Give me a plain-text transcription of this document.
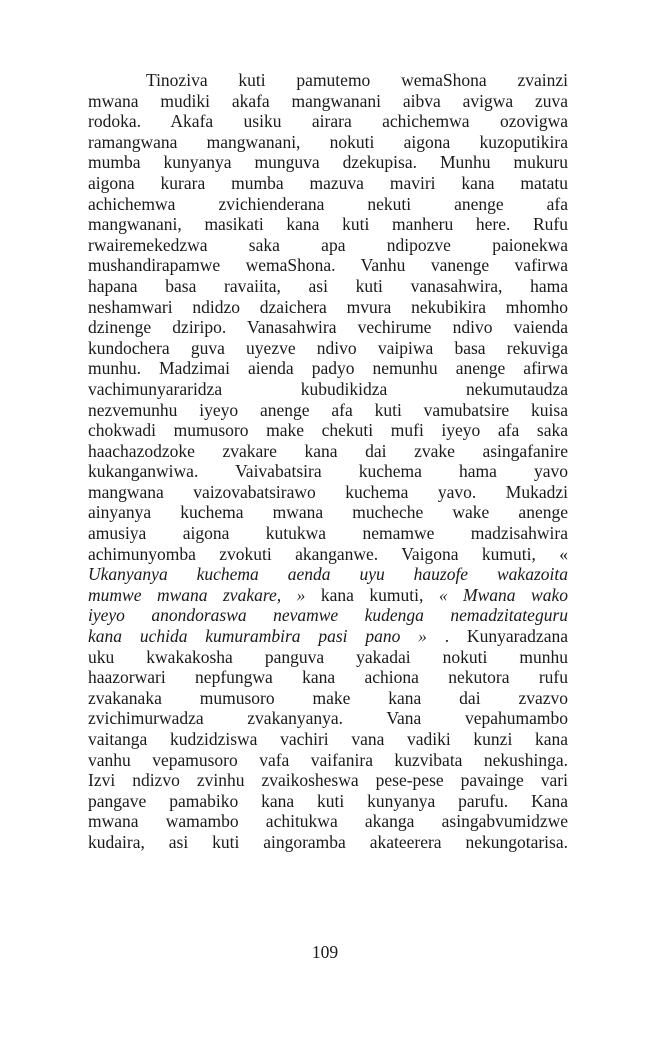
Tinoziva kuti pamutemo wemaShona zvainzi
mwana mudiki akafa mangwanani aibva avigwa zuva
rodoka. Akafa usiku airara achichemwa ozovigwa
ramangwana mangwanani, nokuti aigona kuzoputikira
mumba kunyanya munguva dzekupisa. Munhu mukuru
aigona kurara mumba mazuva maviri kana matatu
achichemwa zvichienderana nekuti anenge afa
mangwanani, masikati kana kuti manheru here. Rufu
rwairemekedzwa saka apa ndipozve paionekwa
mushandirapamwe wemaShona. Vanhu vanenge vafirwa
hapana basa ravaiita, asi kuti vanasahwira, hama
neshamwari ndidzo dzaichera mvura nekubikira mhomho
dzinenge dziripo. Vanasahwira vechirume ndivo vaienda
kundochera guva uyezve ndivo vaipiwa basa rekuviga
munhu. Madzimai aienda padyo nemunhu anenge afirwa
vachimunyararidza kubudikidza nekumutaudza
nezvemunhu iyeyo anenge afa kuti vamubatsire kuisa
chokwadi mumusoro make chekuti mufi iyeyo afa saka
haachazodzoke zvakare kana dai zvake asingafanire
kukanganwiwa. Vaivabatsira kuchema hama yavo
mangwana vaizovabatsirawo kuchema yavo. Mukadzi
ainyanya kuchema mwana mucheche wake anenge
amusiya aigona kutukwa nemamwe madzisahwira
achimunyomba zvokuti akanganwe. Vaigona kumuti, «
Ukanyanya kuchema aenda uyu hauzofe wakazoita
mumwe mwana zvakare, » kana kumuti, « Mwana wako
iyeyo anondoraswa nevamwe kudenga nemadzitateguru
kana uchida kumurambira pasi pano » . Kunyaradzana
uku kwakakosha panguva yakadai nokuti munhu
haazorwari nepfungwa kana achiona nekutora rufu
zvakanaka mumusoro make kana dai zvazvo
zvichimurwadza zvakanyanya. Vana vepahumambo
vaitanga kudzidziswa vachiri vana vadiki kunzi kana
vanhu vepamusoro vafa vaifanira kuzvibata nekushinga.
Izvi ndizvo zvinhu zvaikosheswa pese-pese pavainge vari
pangave pamabiko kana kuti kunyanya parufu. Kana
mwana wamambo achitukwa akanga asingabvumidzwe
kudaira, asi kuti aingoramba akateerera nekungotarisa.
109
